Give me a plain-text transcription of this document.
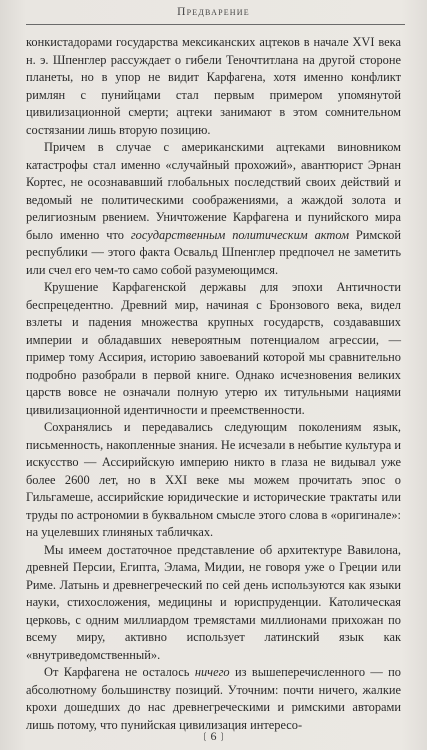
Предварение

конкистадорами государства мексиканских ацтеков в начале XVI века н. э. Шпенглер рассуждает о гибели Теночтитлана на другой стороне планеты, но в упор не видит Карфагена, хотя именно конфликт римлян с пунийцами стал первым примером упомянутой цивилизационной смерти; ацтеки занимают в этом сомнительном состязании лишь вторую позицию.

Причем в случае с американскими ацтеками виновником катастрофы стал именно «случайный прохожий», авантюрист Эрнан Кортес, не осознававший глобальных последствий своих действий и ведомый не политическими соображениями, а жаждой золота и религиозным рвением. Уничтожение Карфагена и пунийского мира было именно что государственным политическим актом Римской республики — этого факта Освальд Шпенглер предпочел не заметить или счел его чем-то само собой разумеющимся.

Крушение Карфагенской державы для эпохи Античности беспрецедентно. Древний мир, начиная с Бронзового века, видел взлеты и падения множества крупных государств, создававших империи и обладавших невероятным потенциалом агрессии, — пример тому Ассирия, историю завоеваний которой мы сравнительно подробно разобрали в первой книге. Однако исчезновения великих царств вовсе не означали полную утерю их титульными нациями цивилизационной идентичности и преемственности.

Сохранялись и передавались следующим поколениям язык, письменность, накопленные знания. Не исчезали в небытие культура и искусство — Ассирийскую империю никто в глаза не видывал уже более 2600 лет, но в XXI веке мы можем прочитать эпос о Гильгамеше, ассирийские юридические и исторические трактаты или труды по астрономии в буквальном смысле этого слова в «оригинале»: на уцелевших глиняных табличках.

Мы имеем достаточное представление об архитектуре Вавилона, древней Персии, Египта, Элама, Мидии, не говоря уже о Греции или Риме. Латынь и древнегреческий по сей день используются как языки науки, стихосложения, медицины и юриспруденции. Католическая церковь, с одним миллиардом тремястами миллионами прихожан по всему миру, активно использует латинский язык как «внутриведомственный».

От Карфагена не осталось ничего из вышеперечисленного — по абсолютному большинству позиций. Уточним: почти ничего, жалкие крохи дошедших до нас древнегреческими и римскими авторами лишь потому, что пунийская цивилизация интересо-

❲ 6 ❳
